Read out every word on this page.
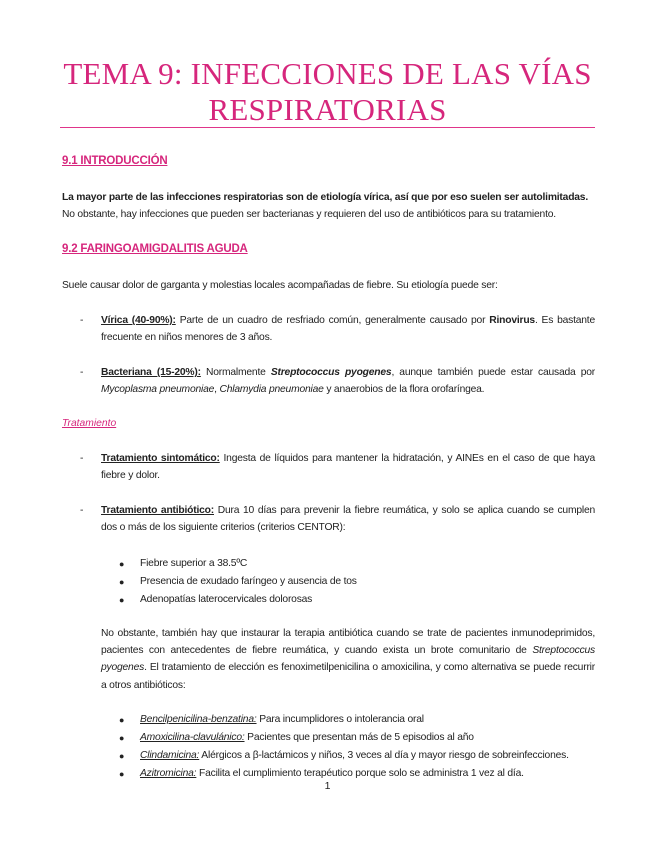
TEMA 9: INFECCIONES DE LAS VÍAS RESPIRATORIAS
9.1 INTRODUCCIÓN
La mayor parte de las infecciones respiratorias son de etiología vírica, así que por eso suelen ser autolimitadas.
No obstante, hay infecciones que pueden ser bacterianas y requieren del uso de antibióticos para su tratamiento.
9.2 FARINGOAMIGDALITIS AGUDA
Suele causar dolor de garganta y molestias locales acompañadas de fiebre. Su etiología puede ser:
- Vírica (40-90%): Parte de un cuadro de resfriado común, generalmente causado por Rinovirus. Es bastante frecuente en niños menores de 3 años.
- Bacteriana (15-20%): Normalmente Streptococcus pyogenes, aunque también puede estar causada por Mycoplasma pneumoniae, Chlamydia pneumoniae y anaerobios de la flora orofaríngea.
Tratamiento
- Tratamiento sintomático: Ingesta de líquidos para mantener la hidratación, y AINEs en el caso de que haya fiebre y dolor.
- Tratamiento antibiótico: Dura 10 días para prevenir la fiebre reumática, y solo se aplica cuando se cumplen dos o más de los siguiente criterios (criterios CENTOR):
● Fiebre superior a 38.5ºC
● Presencia de exudado faríngeo y ausencia de tos
● Adenopatías laterocervicales dolorosas
No obstante, también hay que instaurar la terapia antibiótica cuando se trate de pacientes inmunodeprimidos, pacientes con antecedentes de fiebre reumática, y cuando exista un brote comunitario de Streptococcus pyogenes. El tratamiento de elección es fenoximetilpenicilina o amoxicilina, y como alternativa se puede recurrir a otros antibióticos:
● Bencilpenicilina-benzatina: Para incumplidores o intolerancia oral
● Amoxicilina-clavulánico: Pacientes que presentan más de 5 episodios al año
● Clindamicina: Alérgicos a β-lactámicos y niños, 3 veces al día y mayor riesgo de sobreinfecciones.
● Azitromicina: Facilita el cumplimiento terapéutico porque solo se administra 1 vez al día.
1
